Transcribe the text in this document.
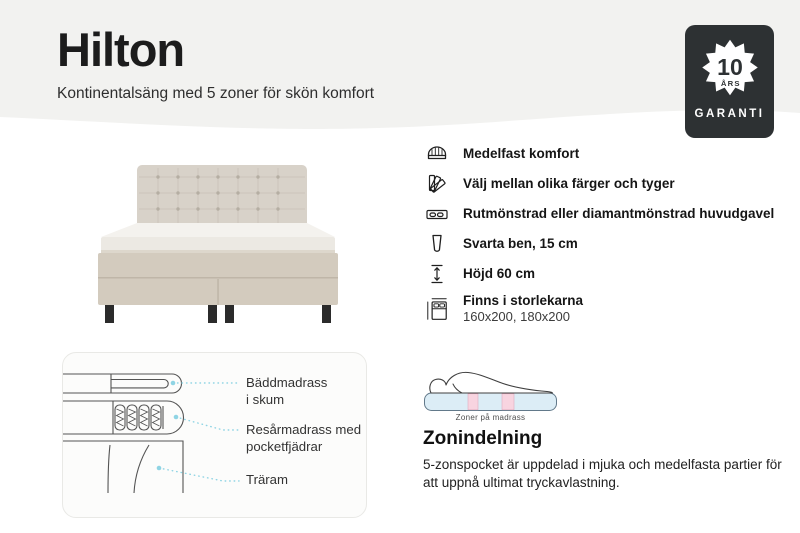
Hilton
Kontinentalsäng med 5 zoner för skön komfort
10
ÅRS
GARANTI
Medelfast komfort
Välj mellan olika färger och tyger
Rutmönstrad eller diamantmönstrad huvudgavel
Svarta ben, 15 cm
Höjd 60 cm
Finns i storlekarna
160x200, 180x200
Bäddmadrass
i skum
Resårmadrass med
pocketfjädrar
Träram
Zoner på madrass
Zonindelning
5-zonspocket är uppdelad i mjuka och medelfasta partier för att uppnå ultimat tryckavlastning.
